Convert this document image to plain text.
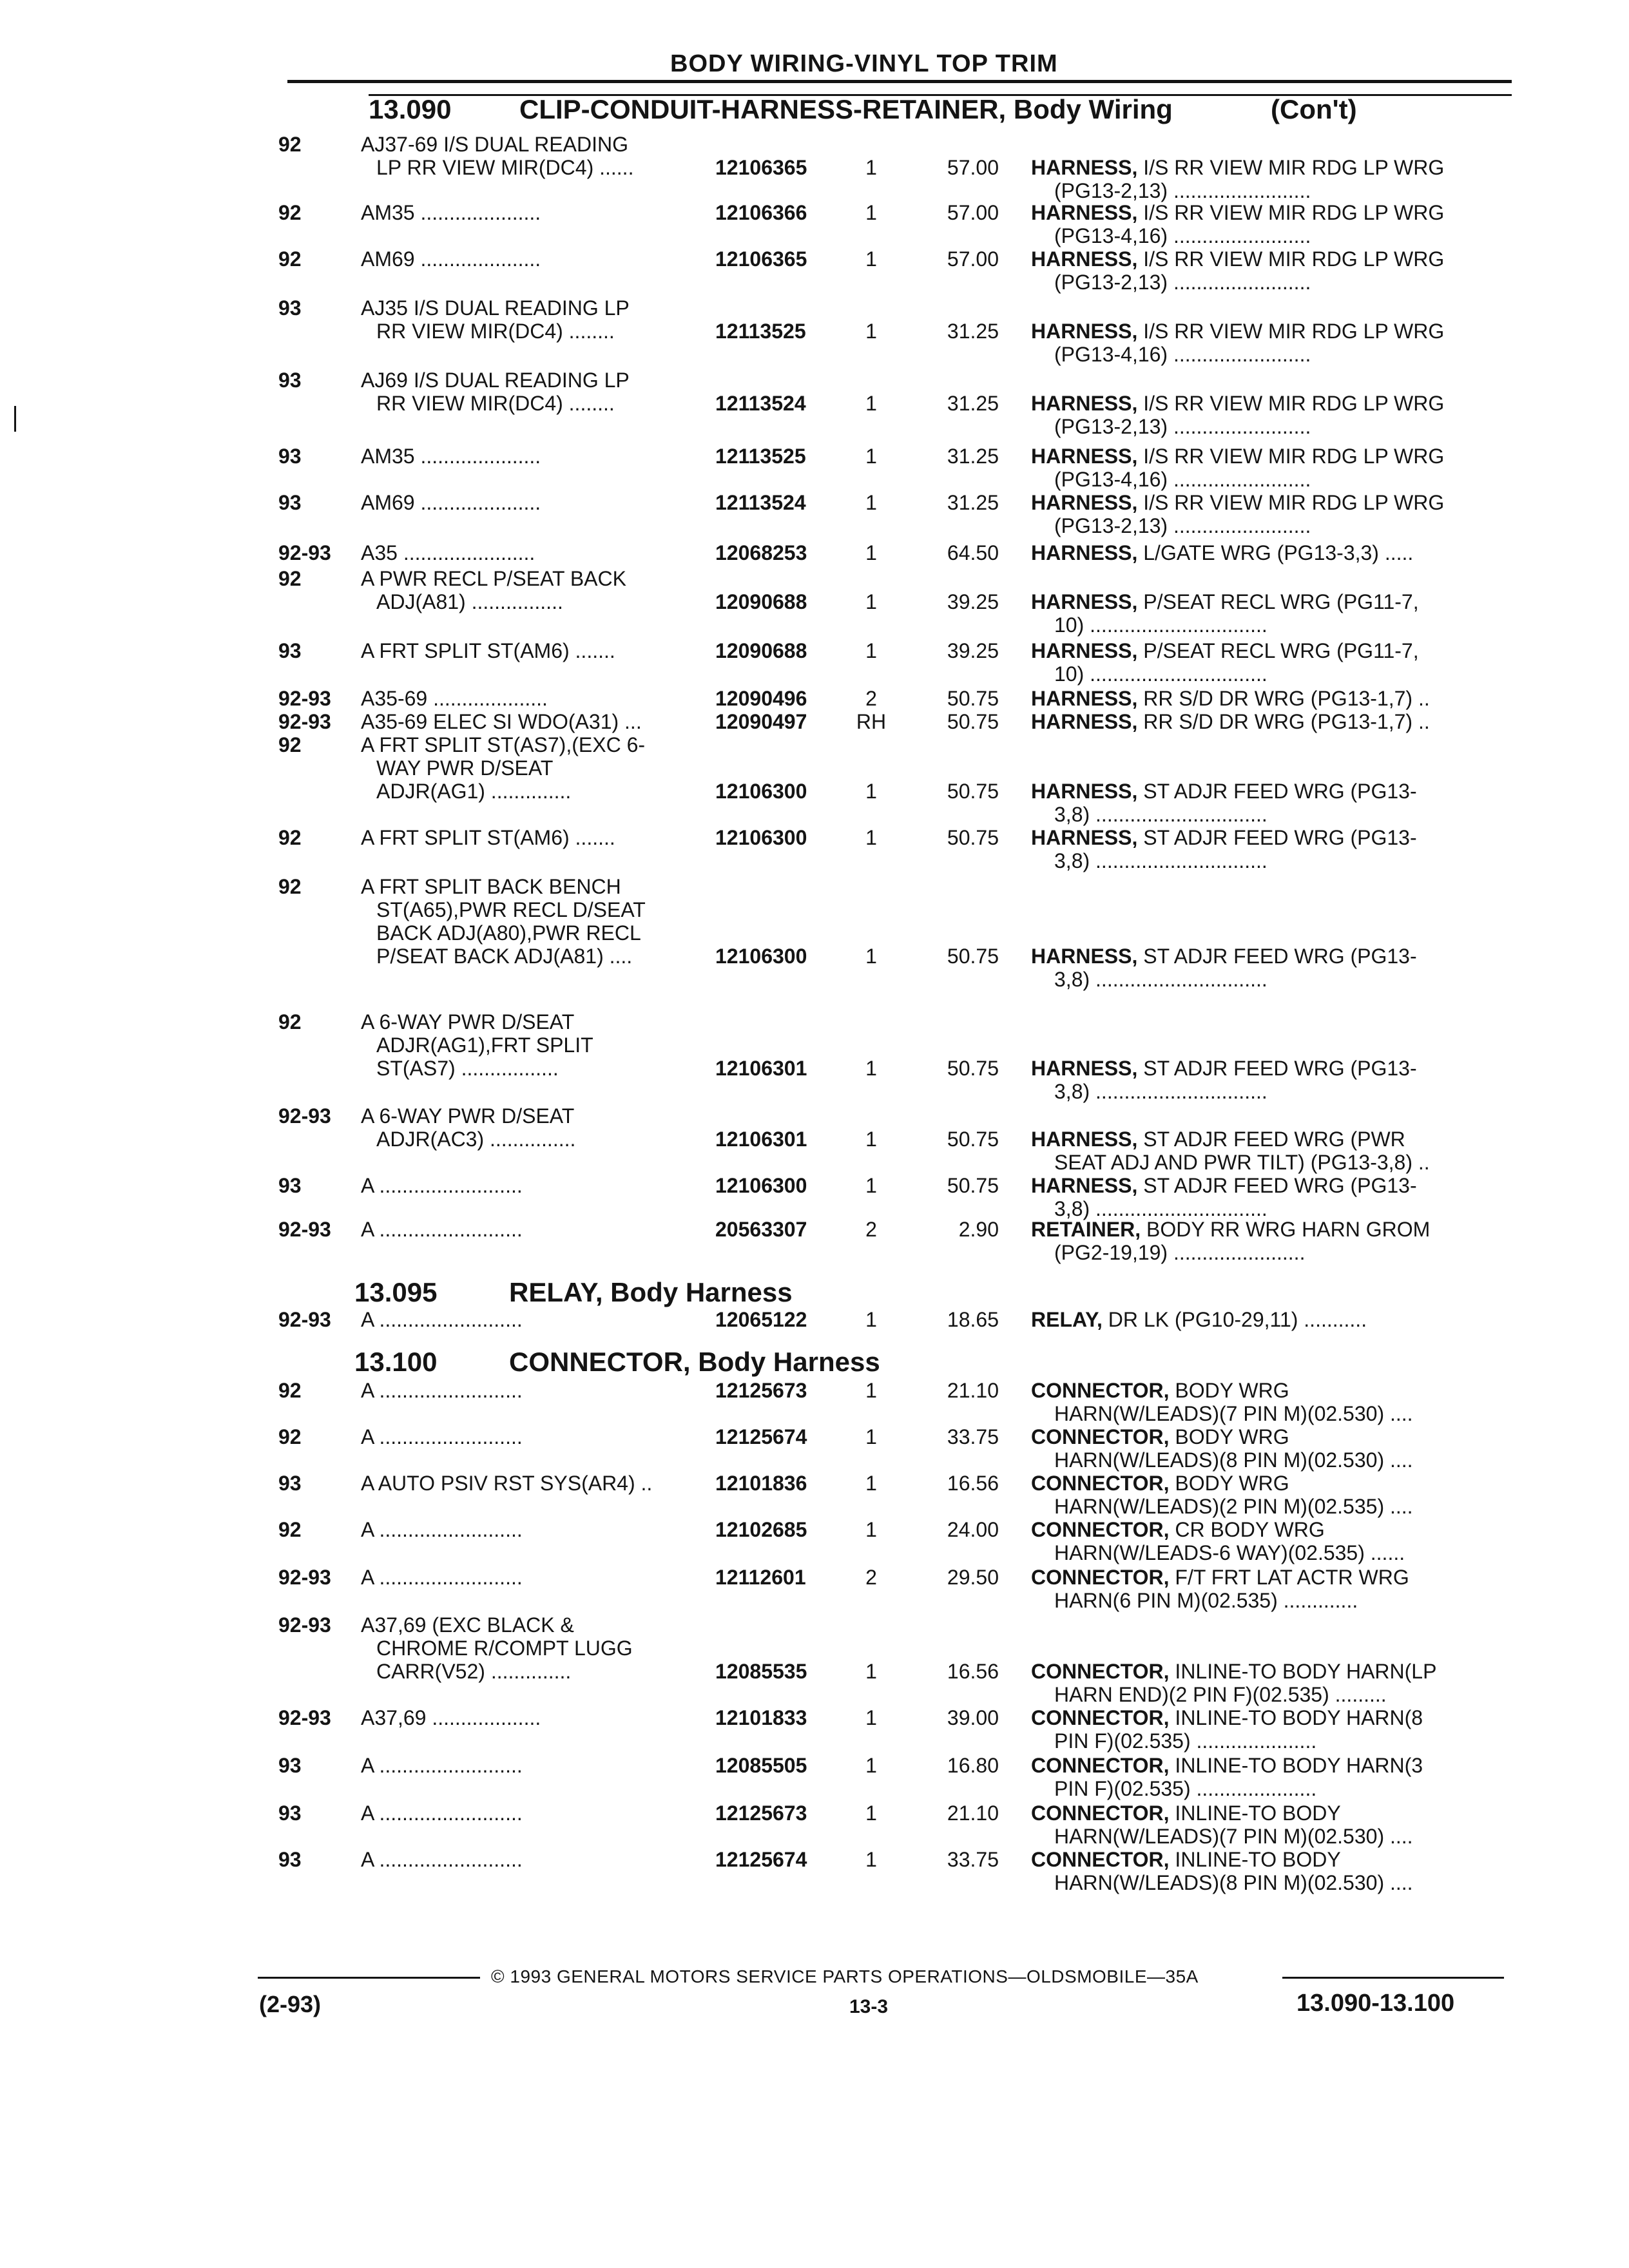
BODY WIRING-VINYL TOP TRIM
13.090	CLIP-CONDUIT-HARNESS-RETAINER, Body Wiring	(Con't)
92	AJ37-69 I/S DUAL READING
LP RR VIEW MIR(DC4) ......	12106365	1	57.00 HARNESS, I/S RR VIEW MIR RDG LP WRG
(PG13-2,13) ........................
92	AM35 .....................	12106366	1	57.00 HARNESS, I/S RR VIEW MIR RDG LP WRG
(PG13-4,16) ........................
92	AM69 .....................	12106365	1	57.00 HARNESS, I/S RR VIEW MIR RDG LP WRG
(PG13-2,13) ........................
93	AJ35 I/S DUAL READING LP
RR VIEW MIR(DC4) ........	12113525	1	31.25 HARNESS, I/S RR VIEW MIR RDG LP WRG
(PG13-4,16) ........................
93	AJ69 I/S DUAL READING LP
RR VIEW MIR(DC4) ........	12113524	1	31.25 HARNESS, I/S RR VIEW MIR RDG LP WRG
(PG13-2,13) ........................
93	AM35 .....................	12113525	1	31.25 HARNESS, I/S RR VIEW MIR RDG LP WRG
(PG13-4,16) ........................
93	AM69 .....................	12113524	1	31.25 HARNESS, I/S RR VIEW MIR RDG LP WRG
(PG13-2,13) ........................
92-93 A35 .......................	12068253	1	64.50 HARNESS, L/GATE WRG (PG13-3,3) .....
92	A PWR RECL P/SEAT BACK
ADJ(A81) ................	12090688	1	39.25 HARNESS, P/SEAT RECL WRG (PG11-7,
10) ...............................
93	A FRT SPLIT ST(AM6) .......	12090688	1	39.25 HARNESS, P/SEAT RECL WRG (PG11-7,
10) ...............................
92-93 A35-69 ....................	12090496	2	50.75 HARNESS, RR S/D DR WRG (PG13-1,7) ..
92-93 A35-69 ELEC SI WDO(A31) ...	12090497 RH	50.75 HARNESS, RR S/D DR WRG (PG13-1,7) ..
92	A FRT SPLIT ST(AS7),(EXC 6-
WAY PWR D/SEAT
ADJR(AG1) ..............	12106300	1	50.75 HARNESS, ST ADJR FEED WRG (PG13-
3,8) ..............................
92	A FRT SPLIT ST(AM6) .......	12106300	1	50.75 HARNESS, ST ADJR FEED WRG (PG13-
3,8) ..............................
92	A FRT SPLIT BACK BENCH
ST(A65),PWR RECL D/SEAT
BACK ADJ(A80),PWR RECL
P/SEAT BACK ADJ(A81) ....	12106300	1	50.75 HARNESS, ST ADJR FEED WRG (PG13-
3,8) ..............................
92	A 6-WAY PWR D/SEAT
ADJR(AG1),FRT SPLIT
ST(AS7) .................	12106301	1	50.75 HARNESS, ST ADJR FEED WRG (PG13-
3,8) ..............................
92-93 A 6-WAY PWR D/SEAT
ADJR(AC3) ...............	12106301	1	50.75 HARNESS, ST ADJR FEED WRG (PWR
SEAT ADJ AND PWR TILT) (PG13-3,8) ..
93	A .........................	12106300	1	50.75 HARNESS, ST ADJR FEED WRG (PG13-
3,8) ..............................
92-93 A .........................	20563307	2	2.90 RETAINER, BODY RR WRG HARN GROM
(PG2-19,19) .......................
13.095	RELAY, Body Harness
92-93 A .........................	12065122	1	18.65 RELAY, DR LK (PG10-29,11) ...........
13.100	CONNECTOR, Body Harness
92	A .........................	12125673	1	21.10 CONNECTOR, BODY WRG
HARN(W/LEADS)(7 PIN M)(02.530) ....
92	A .........................	12125674	1	33.75 CONNECTOR, BODY WRG
HARN(W/LEADS)(8 PIN M)(02.530) ....
93	A AUTO PSIV RST SYS(AR4) ..	12101836	1	16.56 CONNECTOR, BODY WRG
HARN(W/LEADS)(2 PIN M)(02.535) ....
92	A .........................	12102685	1	24.00 CONNECTOR, CR BODY WRG
HARN(W/LEADS-6 WAY)(02.535) ......
92-93 A .........................	12112601	2	29.50 CONNECTOR, F/T FRT LAT ACTR WRG
HARN(6 PIN M)(02.535) .............
92-93 A37,69 (EXC BLACK &
CHROME R/COMPT LUGG
CARR(V52) ..............	12085535	1	16.56 CONNECTOR, INLINE-TO BODY HARN(LP
HARN END)(2 PIN F)(02.535) .........
92-93 A37,69 ...................	12101833	1	39.00 CONNECTOR, INLINE-TO BODY HARN(8
PIN F)(02.535) .....................
93	A .........................	12085505	1	16.80 CONNECTOR, INLINE-TO BODY HARN(3
PIN F)(02.535) .....................
93	A .........................	12125673	1	21.10 CONNECTOR, INLINE-TO BODY
HARN(W/LEADS)(7 PIN M)(02.530) ....
93	A .........................	12125674	1	33.75 CONNECTOR, INLINE-TO BODY
HARN(W/LEADS)(8 PIN M)(02.530) ....
© 1993 GENERAL MOTORS SERVICE PARTS OPERATIONS—OLDSMOBILE—35A
(2-93)	13-3	13.090-13.100
